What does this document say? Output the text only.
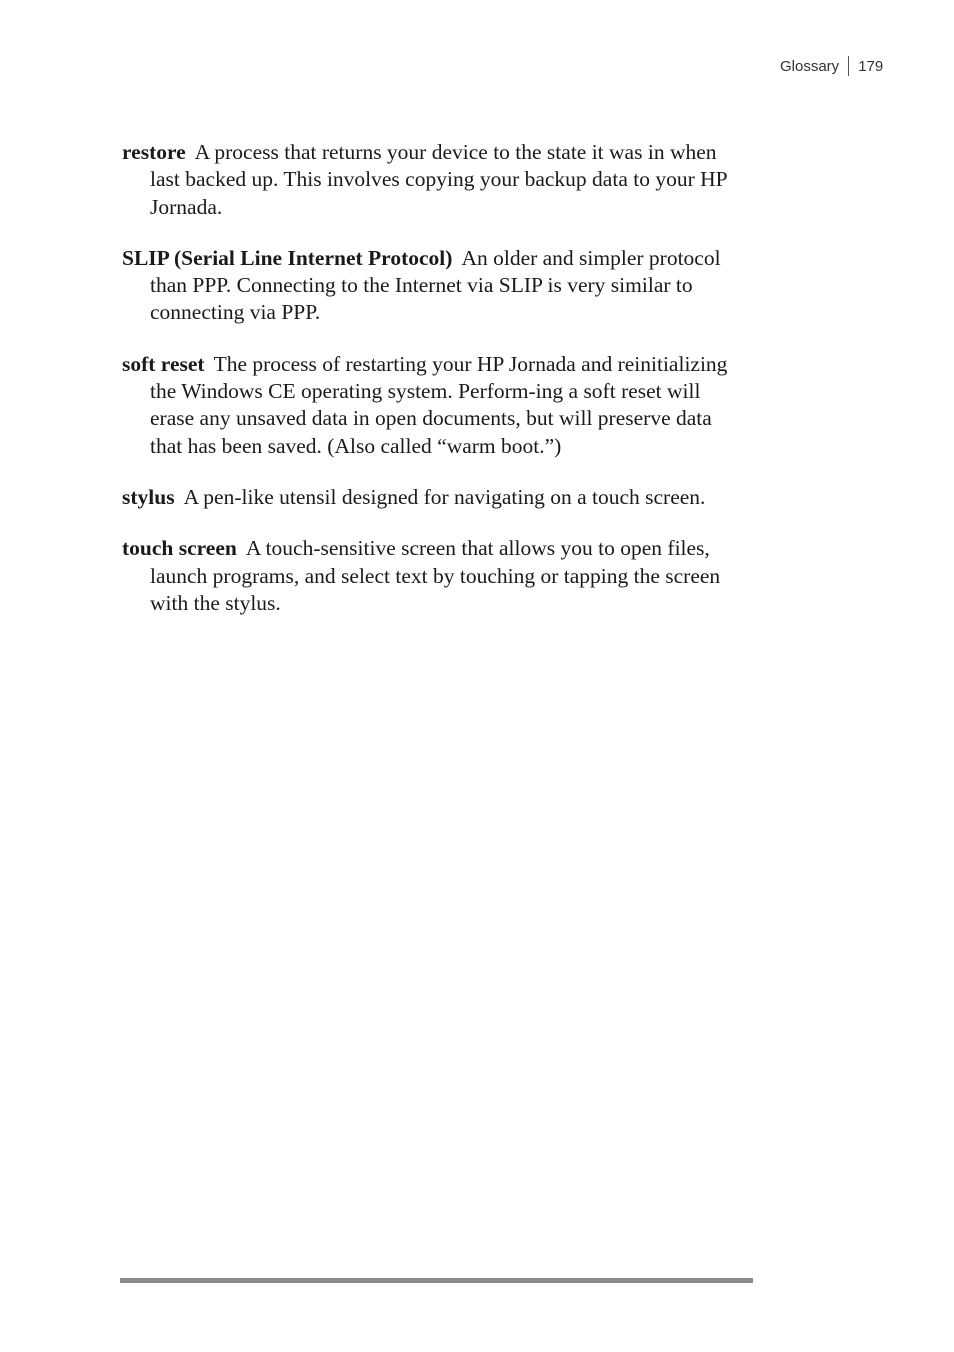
Glossary 179

restore A process that returns your device to the state it was in when last backed up. This involves copying your backup data to your HP Jornada.

SLIP (Serial Line Internet Protocol) An older and simpler protocol than PPP. Connecting to the Internet via SLIP is very similar to connecting via PPP.

soft reset The process of restarting your HP Jornada and reinitializing the Windows CE operating system. Perform-ing a soft reset will erase any unsaved data in open documents, but will preserve data that has been saved. (Also called “warm boot.”)

stylus A pen-like utensil designed for navigating on a touch screen.

touch screen A touch-sensitive screen that allows you to open files, launch programs, and select text by touching or tapping the screen with the stylus.
